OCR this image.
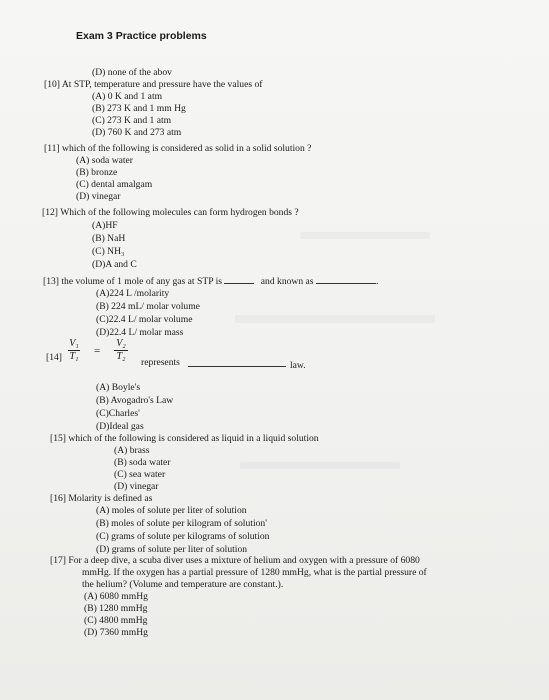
Exam 3 Practice problems
(D) none of the abov
[10] At STP, temperature and pressure have the values of
(A) 0 K and 1 atm
(B) 273 K and 1 mm Hg
(C) 273 K and 1 atm
(D) 760 K and 273 atm
[11] which of the following is considered as solid in a solid solution ?
(A) soda water
(B) bronze
(C) dental amalgam
(D) vinegar
[12] Which of the following molecules can form hydrogen bonds ?
(A)HF
(B) NaH
(C) NH₃
(D)A and C
[13] the volume of 1 mole of any gas at STP is	and known as	.
(A)224 L /molarity
(B) 224 mL/ molar volume
(C)22.4 L/ molar volume
(D)22.4 L/ molar mass
[14]
V₁
T₁ =
V₂
T₂
represents	law.
(A) Boyle's
(B) Avogadro's Law
(C)Charles'
(D)Ideal gas
[15] which of the following is considered as liquid in a liquid solution
(A) brass
(B) soda water
(C) sea water
(D) vinegar
[16] Molarity is defined as
(A) moles of solute per liter of solution
(B) moles of solute per kilogram of solution'
(C) grams of solute per kilograms of solution
(D) grams of solute per liter of solution
[17] For a deep dive, a scuba diver uses a mixture of helium and oxygen with a pressure of 6080
mmHg. If the oxygen has a partial pressure of 1280 mmHg, what is the partial pressure of
the helium? (Volume and temperature are constant.).
(A) 6080 mmHg
(B) 1280 mmHg
(C) 4800 mmHg
(D) 7360 mmHg
